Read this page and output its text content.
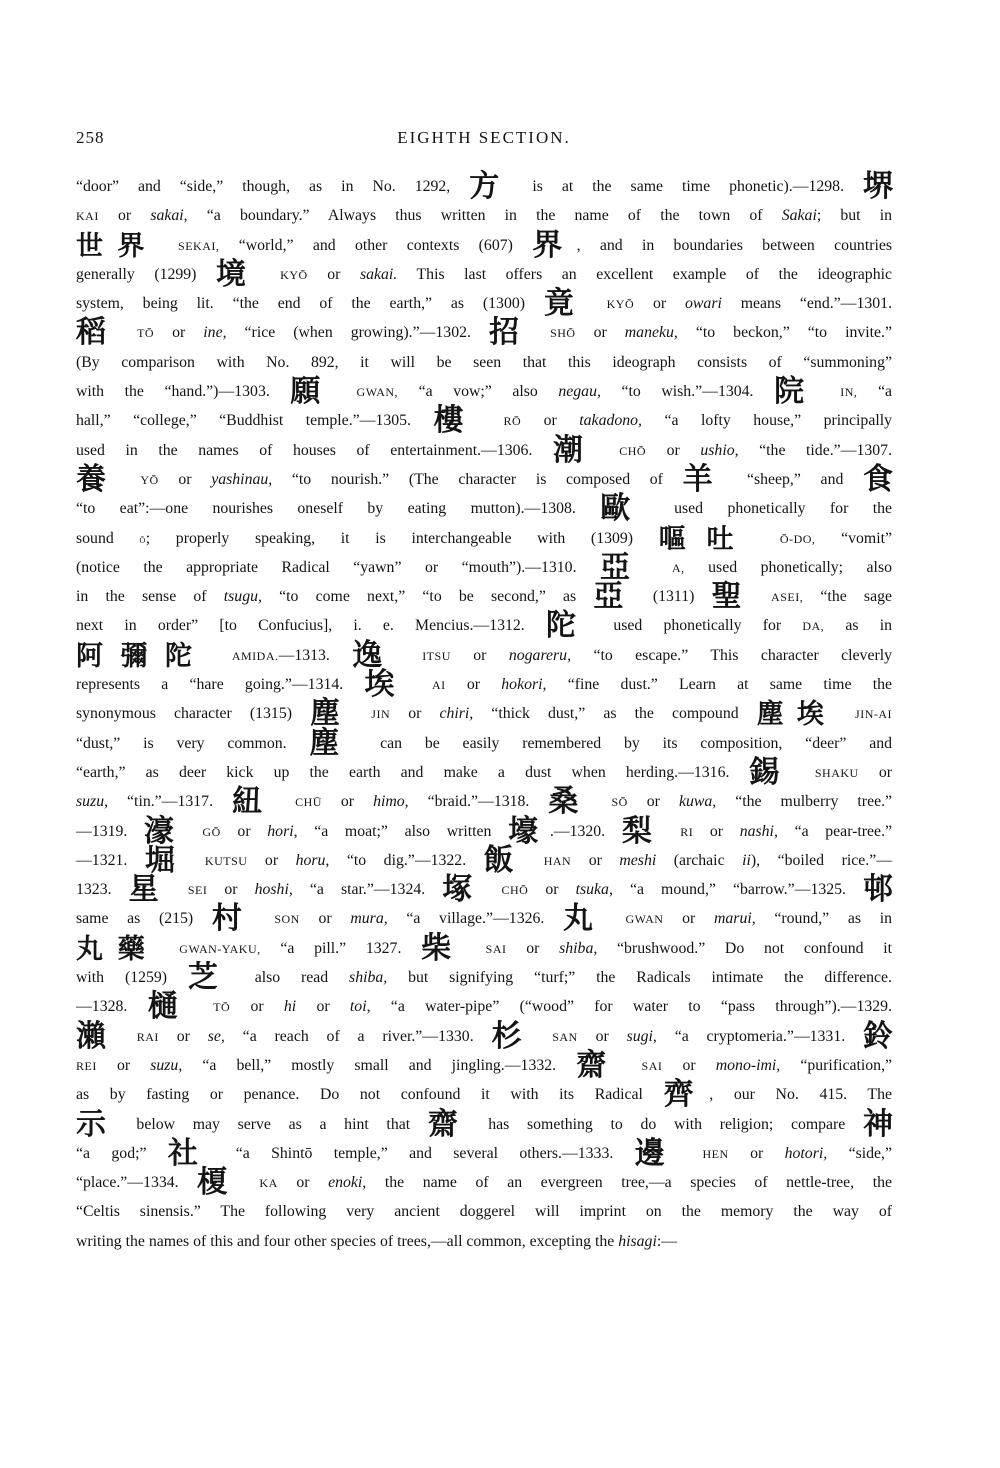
258	EIGHTH SECTION.
“door” and “side,” though, as in No. 1292, 方 is at the same time phonetic).—1298. 堺
KAI or sakai, “a boundary.” Always thus written in the name of the town of Sakai; but in
世界 SEKAI, “world,” and other contexts (607) 界, and in boundaries between countries
generally (1299) 境 KYŌ or sakai. This last offers an excellent example of the ideographic
system, being lit. “the end of the earth,” as (1300) 竟 KYŌ or owari means “end.”—1301.
稻 TŌ or ine, “rice (when growing).”—1302. 招 SHŌ or maneku, “to beckon,” “to invite.”
(By comparison with No. 892, it will be seen that this ideograph consists of “summoning”
with the “hand.”)—1303. 願 GWAN, “a vow;” also negau, “to wish.”—1304. 院 IN, “a
hall,” “college,” “Buddhist temple.”—1305. 樓 RŌ or takadono, “a lofty house,” principally
used in the names of houses of entertainment.—1306. 潮 CHŌ or ushio, “the tide.”—1307.
養 YŌ or yashinau, “to nourish.” (The character is composed of 羊 “sheep,” and 食
“to eat”:—one nourishes oneself by eating mutton).—1308. 歐 used phonetically for the
sound ō; properly speaking, it is interchangeable with (1309) 嘔吐 Ō-DO, “vomit”
(notice the appropriate Radical “yawn” or “mouth”).—1310. 亞 A, used phonetically; also
in the sense of tsugu, “to come next,” “to be second,” as 亞 (1311) 聖 ASEI, “the sage
next in order” [to Confucius], i. e. Mencius.—1312. 陀 used phonetically for DA, as in
阿彌陀 AMIDA.—1313. 逸 ITSU or nogareru, “to escape.” This character cleverly
represents a “hare going.”—1314. 埃 AI or hokori, “fine dust.” Learn at same time the
synonymous character (1315) 塵 JIN or chiri, “thick dust,” as the compound 塵埃 JIN-AI
“dust,” is very common. 塵 can be easily remembered by its composition, “deer” and
“earth,” as deer kick up the earth and make a dust when herding.—1316. 錫 SHAKU or
suzu, “tin.”—1317. 紐 CHŪ or himo, “braid.”—1318. 桑 SŌ or kuwa, “the mulberry tree.”
—1319. 濠 GŌ or hori, “a moat;” also written 壕.—1320. 梨 RI or nashi, “a pear-tree.”
—1321. 堀 KUTSU or horu, “to dig.”—1322. 飯 HAN or meshi (archaic ii), “boiled rice.”—
1323. 星 SEI or hoshi, “a star.”—1324. 塚 CHŌ or tsuka, “a mound,” “barrow.”—1325. 邨
same as (215) 村 SON or mura, “a village.”—1326. 丸 GWAN or marui, “round,” as in
丸藥 GWAN-YAKU, “a pill.” 1327. 柴 SAI or shiba, “brushwood.” Do not confound it
with (1259) 芝 also read shiba, but signifying “turf;” the Radicals intimate the difference.
—1328. 樋 TŌ or hi or toi, “a water-pipe” (“wood” for water to “pass through”).—1329.
瀨 RAI or se, “a reach of a river.”—1330. 杉 SAN or sugi, “a cryptomeria.”—1331. 鈴
REI or suzu, “a bell,” mostly small and jingling.—1332. 齋 SAI or mono-imi, “purification,”
as by fasting or penance. Do not confound it with its Radical 齊, our No. 415. The
示 below may serve as a hint that 齋 has something to do with religion; compare 神
“a god;” 社 “a Shintō temple,” and several others.—1333. 邊 HEN or hotori, “side,”
“place.”—1334. 榎 KA or enoki, the name of an evergreen tree,—a species of nettle-tree, the
“Celtis sinensis.” The following very ancient doggerel will imprint on the memory the way of
writing the names of this and four other species of trees,—all common, excepting the hisagi:—
